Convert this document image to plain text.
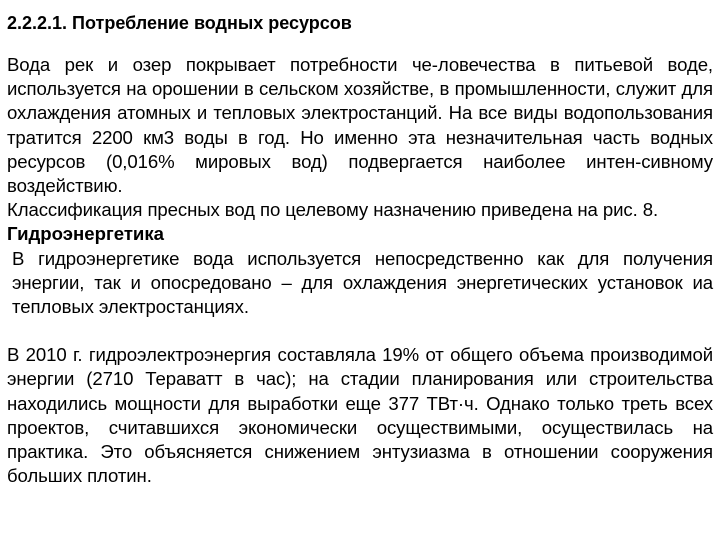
2.2.2.1. Потребление водных ресурсов

Вода рек и озер покрывает потребности че-ловечества в питьевой воде, используется на орошении в сельском хозяйстве, в промышленности, служит для охлаждения атомных и тепловых электростанций. На все виды водопользования тратится 2200 км3 воды в год. Но именно эта незначительная часть водных ресурсов (0,016% мировых вод) подвергается наиболее интен-сивному воздействию.

Классификация пресных вод по целевому назначению приведена на рис. 8.

Гидроэнергетика

В гидроэнергетике вода используется непосредственно как для получения энергии, так и опосредовано – для охлаждения энергетических установок иа тепловых электростанциях.

В 2010 г. гидроэлектроэнергия составляла 19% от общего объема производимой энергии (2710 Тераватт в час); на стадии планирования или строительства находились мощности для выработки еще 377 ТВт·ч. Однако только треть всех проектов, считавшихся экономически осуществимыми, осуществилась на практика. Это объясняется снижением энтузиазма в отношении сооружения больших плотин.
